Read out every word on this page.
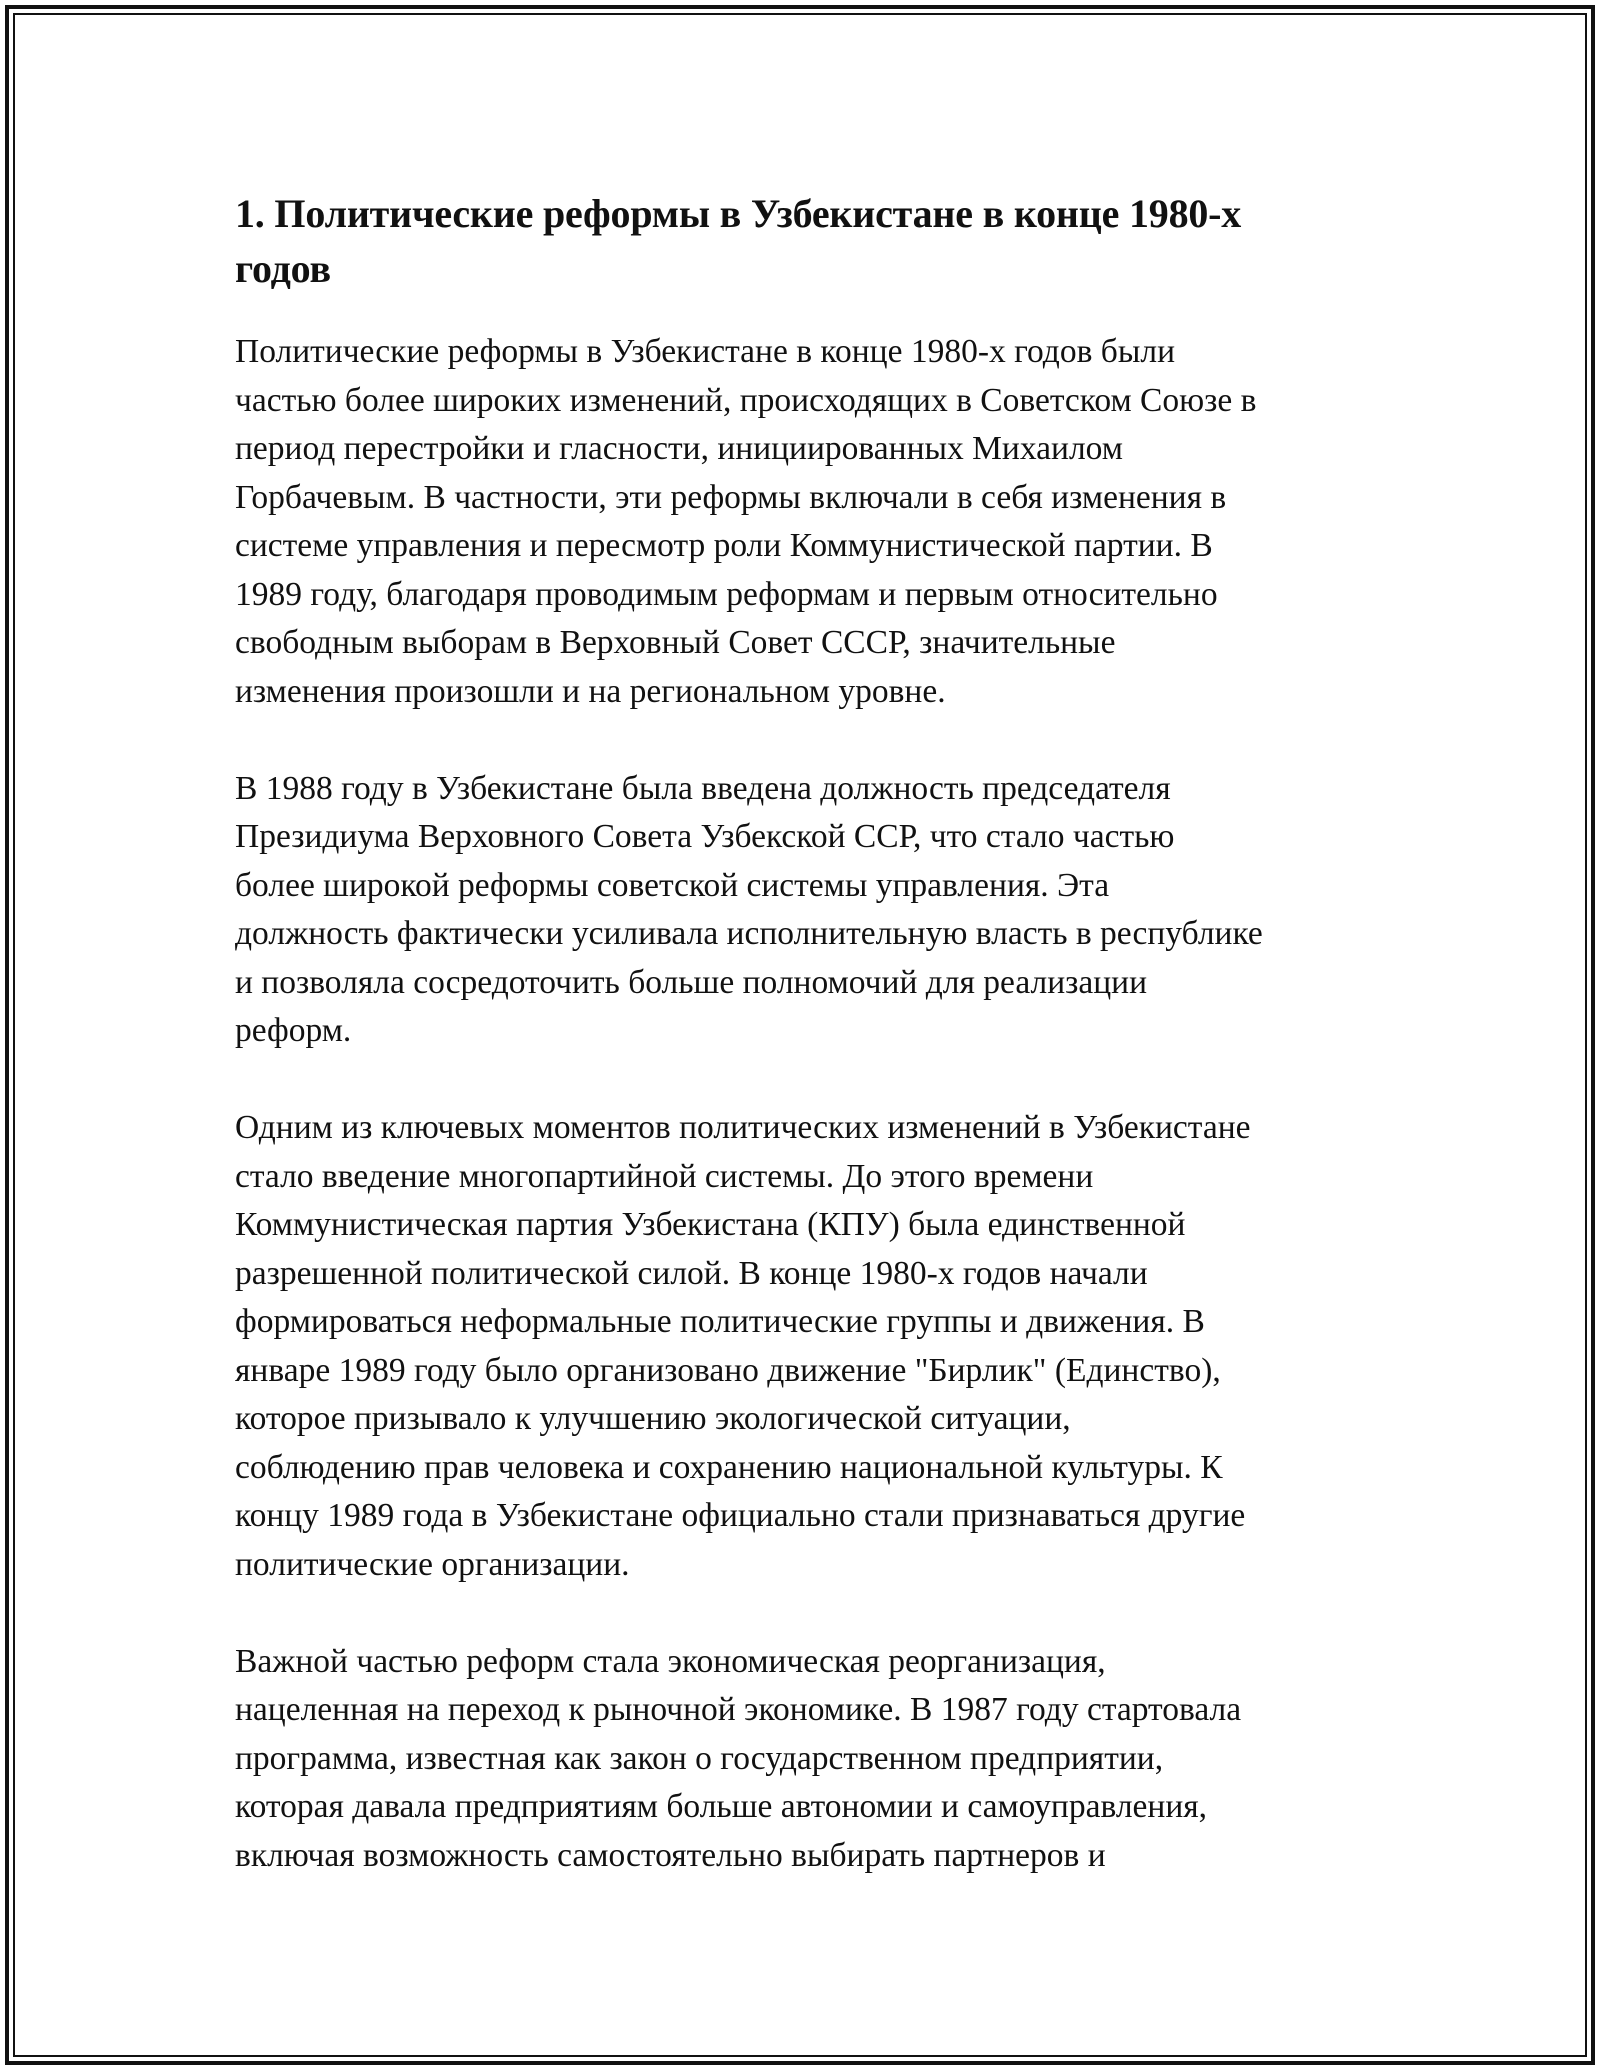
1. Политические реформы в Узбекистане в конце 1980-х
годов

Политические реформы в Узбекистане в конце 1980-х годов были
частью более широких изменений, происходящих в Советском Союзе в
период перестройки и гласности, инициированных Михаилом
Горбачевым. В частности, эти реформы включали в себя изменения в
системе управления и пересмотр роли Коммунистической партии. В
1989 году, благодаря проводимым реформам и первым относительно
свободным выборам в Верховный Совет СССР, значительные
изменения произошли и на региональном уровне.

В 1988 году в Узбекистане была введена должность председателя
Президиума Верховного Совета Узбекской ССР, что стало частью
более широкой реформы советской системы управления. Эта
должность фактически усиливала исполнительную власть в республике
и позволяла сосредоточить больше полномочий для реализации
реформ.

Одним из ключевых моментов политических изменений в Узбекистане
стало введение многопартийной системы. До этого времени
Коммунистическая партия Узбекистана (КПУ) была единственной
разрешенной политической силой. В конце 1980-х годов начали
формироваться неформальные политические группы и движения. В
январе 1989 году было организовано движение "Бирлик" (Единство),
которое призывало к улучшению экологической ситуации,
соблюдению прав человека и сохранению национальной культуры. К
концу 1989 года в Узбекистане официально стали признаваться другие
политические организации.

Важной частью реформ стала экономическая реорганизация,
нацеленная на переход к рыночной экономике. В 1987 году стартовала
программа, известная как закон о государственном предприятии,
которая давала предприятиям больше автономии и самоуправления,
включая возможность самостоятельно выбирать партнеров и
